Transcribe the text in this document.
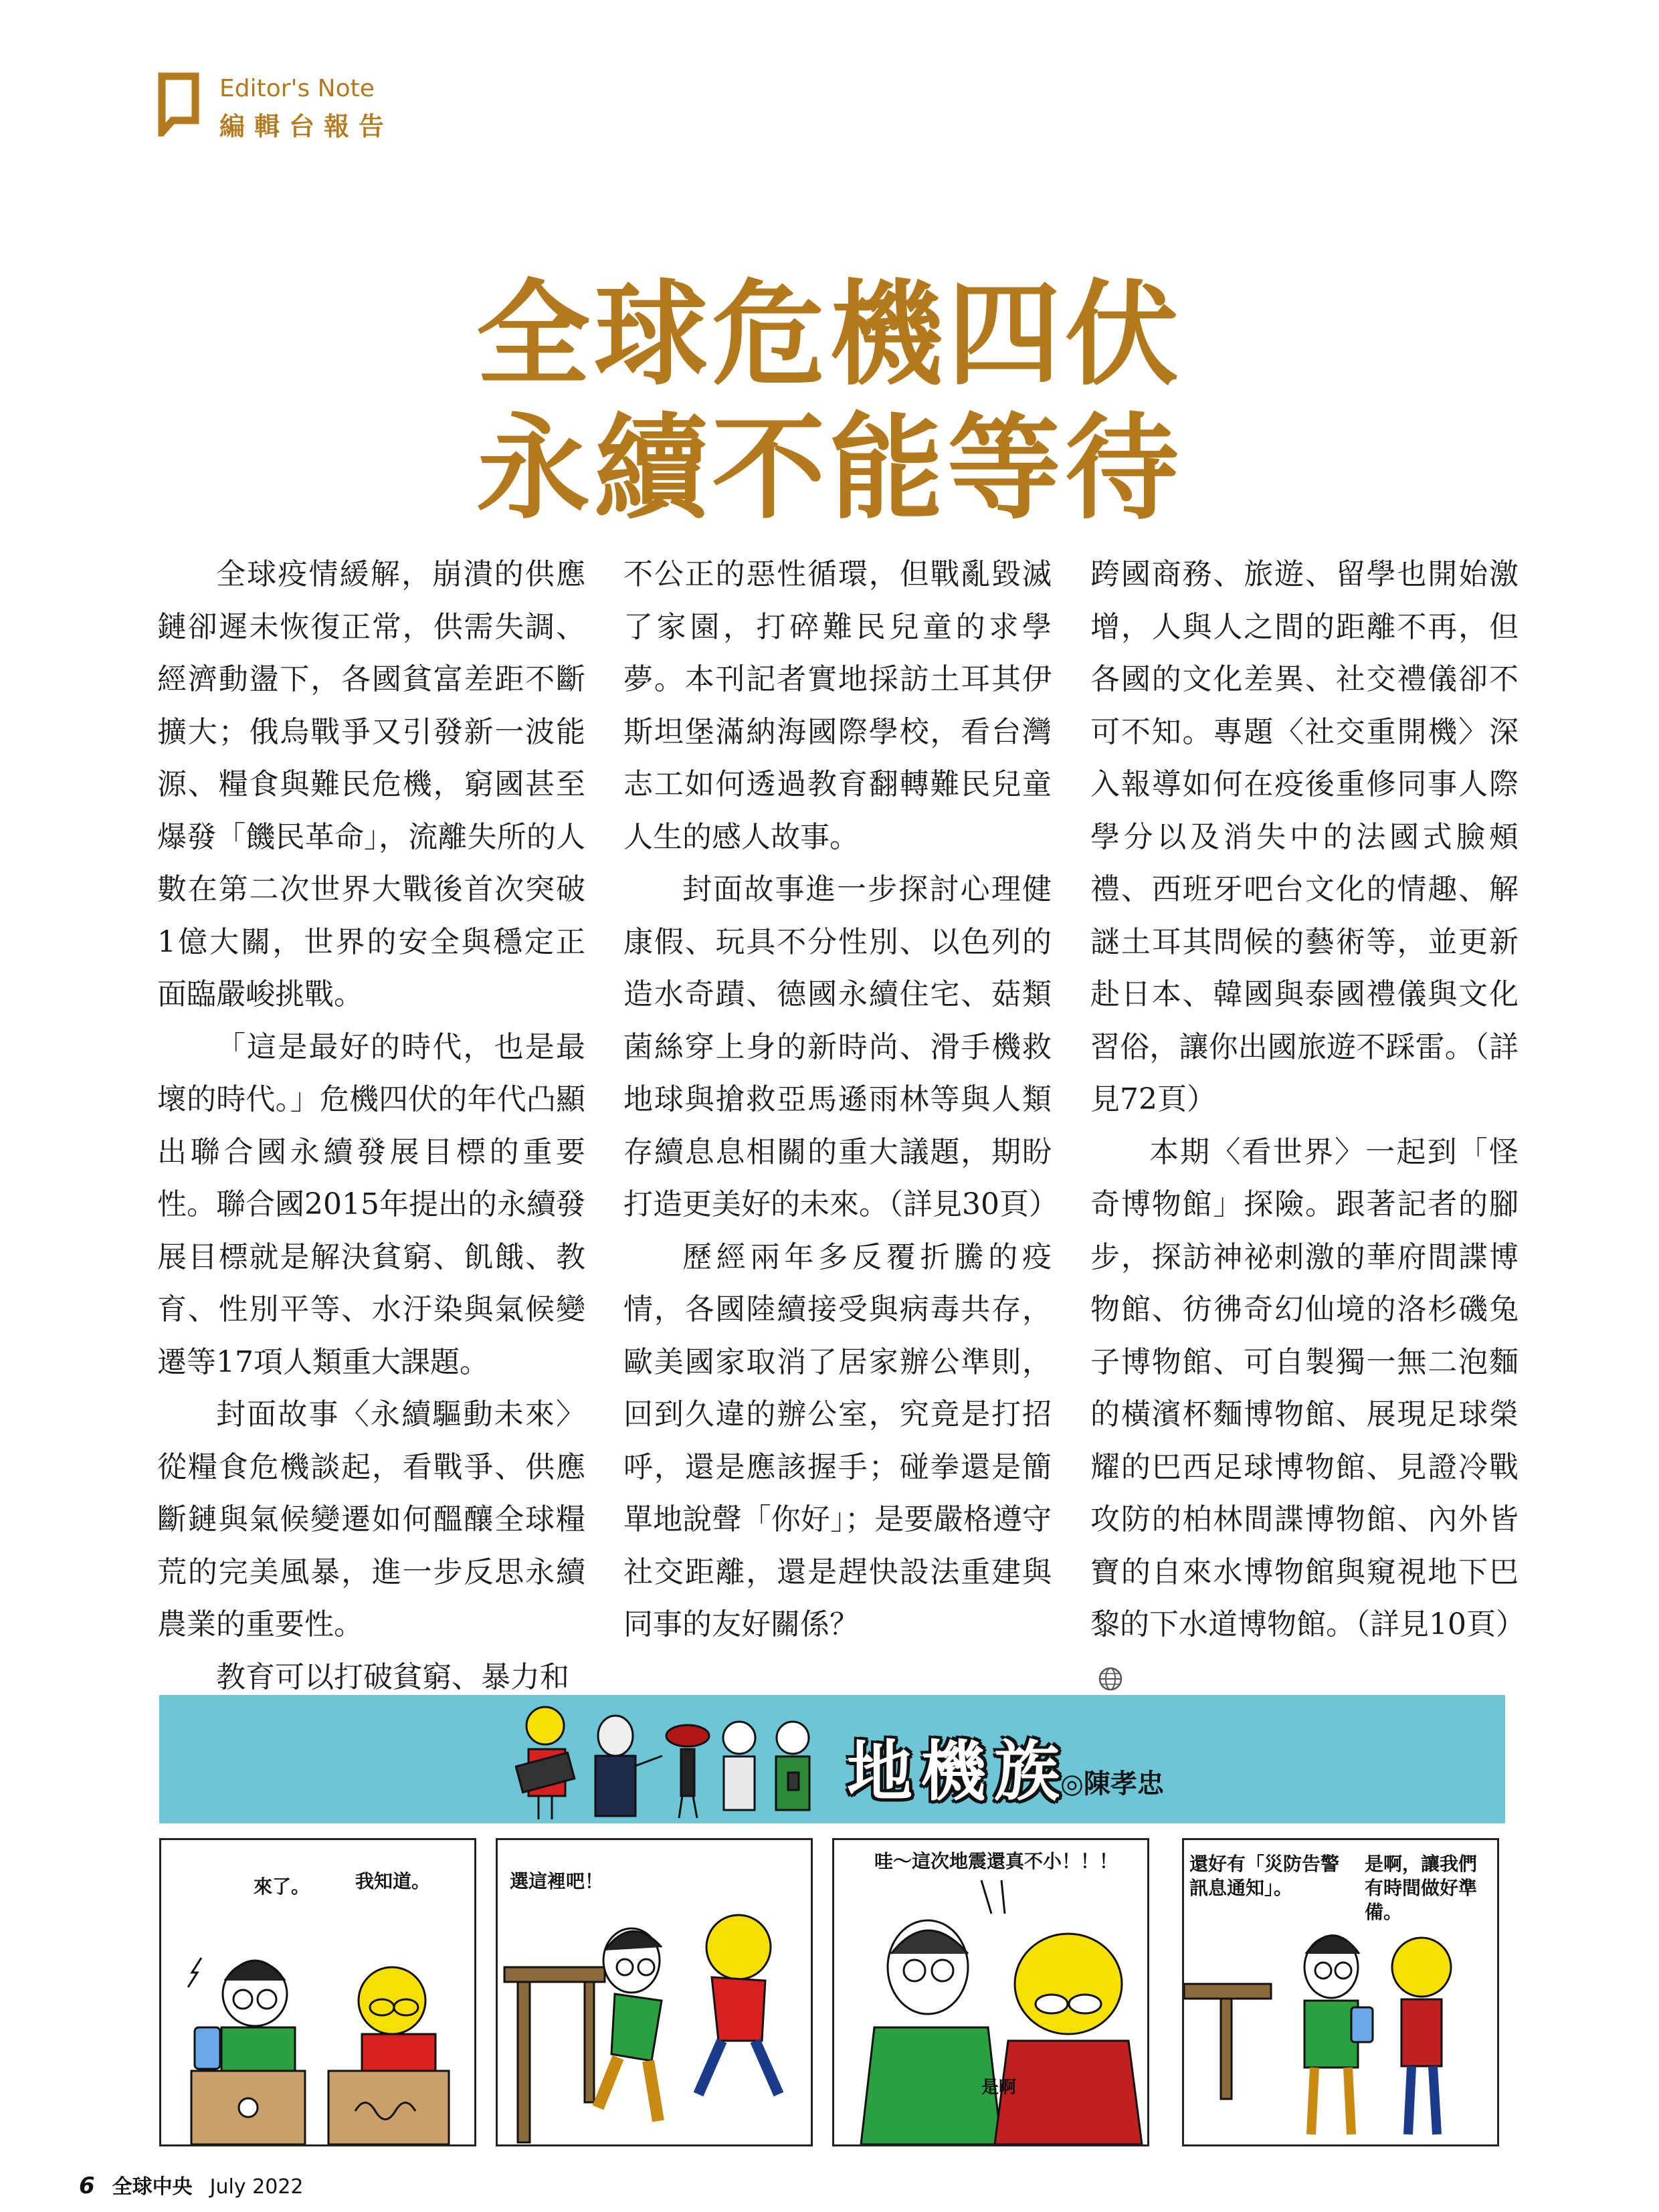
Editor's Note
編輯台報告
全球危機四伏
永續不能等待

全球疫情緩解，崩潰的供應鏈卻遲未恢復正常，供需失調、經濟動盪下，各國貧富差距不斷擴大；俄烏戰爭又引發新一波能源、糧食與難民危機，窮國甚至爆發「饑民革命」，流離失所的人數在第二次世界大戰後首次突破1億大關，世界的安全與穩定正面臨嚴峻挑戰。

「這是最好的時代，也是最壞的時代。」危機四伏的年代凸顯出聯合國永續發展目標的重要性。聯合國2015年提出的永續發展目標就是解決貧窮、飢餓、教育、性別平等、水汙染與氣候變遷等17項人類重大課題。

封面故事〈永續驅動未來〉從糧食危機談起，看戰爭、供應斷鏈與氣候變遷如何醞釀全球糧荒的完美風暴，進一步反思永續農業的重要性。

教育可以打破貧窮、暴力和

不公正的惡性循環，但戰亂毀滅了家園，打碎難民兒童的求學夢。本刊記者實地採訪土耳其伊斯坦堡滿納海國際學校，看台灣志工如何透過教育翻轉難民兒童人生的感人故事。

封面故事進一步探討心理健康假、玩具不分性別、以色列的造水奇蹟、德國永續住宅、菇類菌絲穿上身的新時尚、滑手機救地球與搶救亞馬遜雨林等與人類存續息息相關的重大議題，期盼打造更美好的未來。（詳見30頁）

歷經兩年多反覆折騰的疫情，各國陸續接受與病毒共存，歐美國家取消了居家辦公準則，回到久違的辦公室，究竟是打招呼，還是應該握手；碰拳還是簡單地說聲「你好」；是要嚴格遵守社交距離，還是趕快設法重建與同事的友好關係？

跨國商務、旅遊、留學也開始激增，人與人之間的距離不再，但各國的文化差異、社交禮儀卻不可不知。專題〈社交重開機〉深入報導如何在疫後重修同事人際學分以及消失中的法國式臉頰禮、西班牙吧台文化的情趣、解謎土耳其問候的藝術等，並更新赴日本、韓國與泰國禮儀與文化習俗，讓你出國旅遊不踩雷。（詳見72頁）

本期〈看世界〉一起到「怪奇博物館」探險。跟著記者的腳步，探訪神祕刺激的華府間諜博物館、彷彿奇幻仙境的洛杉磯兔子博物館、可自製獨一無二泡麵的橫濱杯麵博物館、展現足球榮耀的巴西足球博物館、見證冷戰攻防的柏林間諜博物館、內外皆寶的自來水博物館與窺視地下巴黎的下水道博物館。（詳見10頁）

地機族
◎陳孝忠
來了。 我知道。	選這裡吧！
哇～這次地震還真不小！！！
是啊
還好有「災防告警
訊息通知」。
是啊，讓我們
有時間做好準備。
6 全球中央 July 2022
